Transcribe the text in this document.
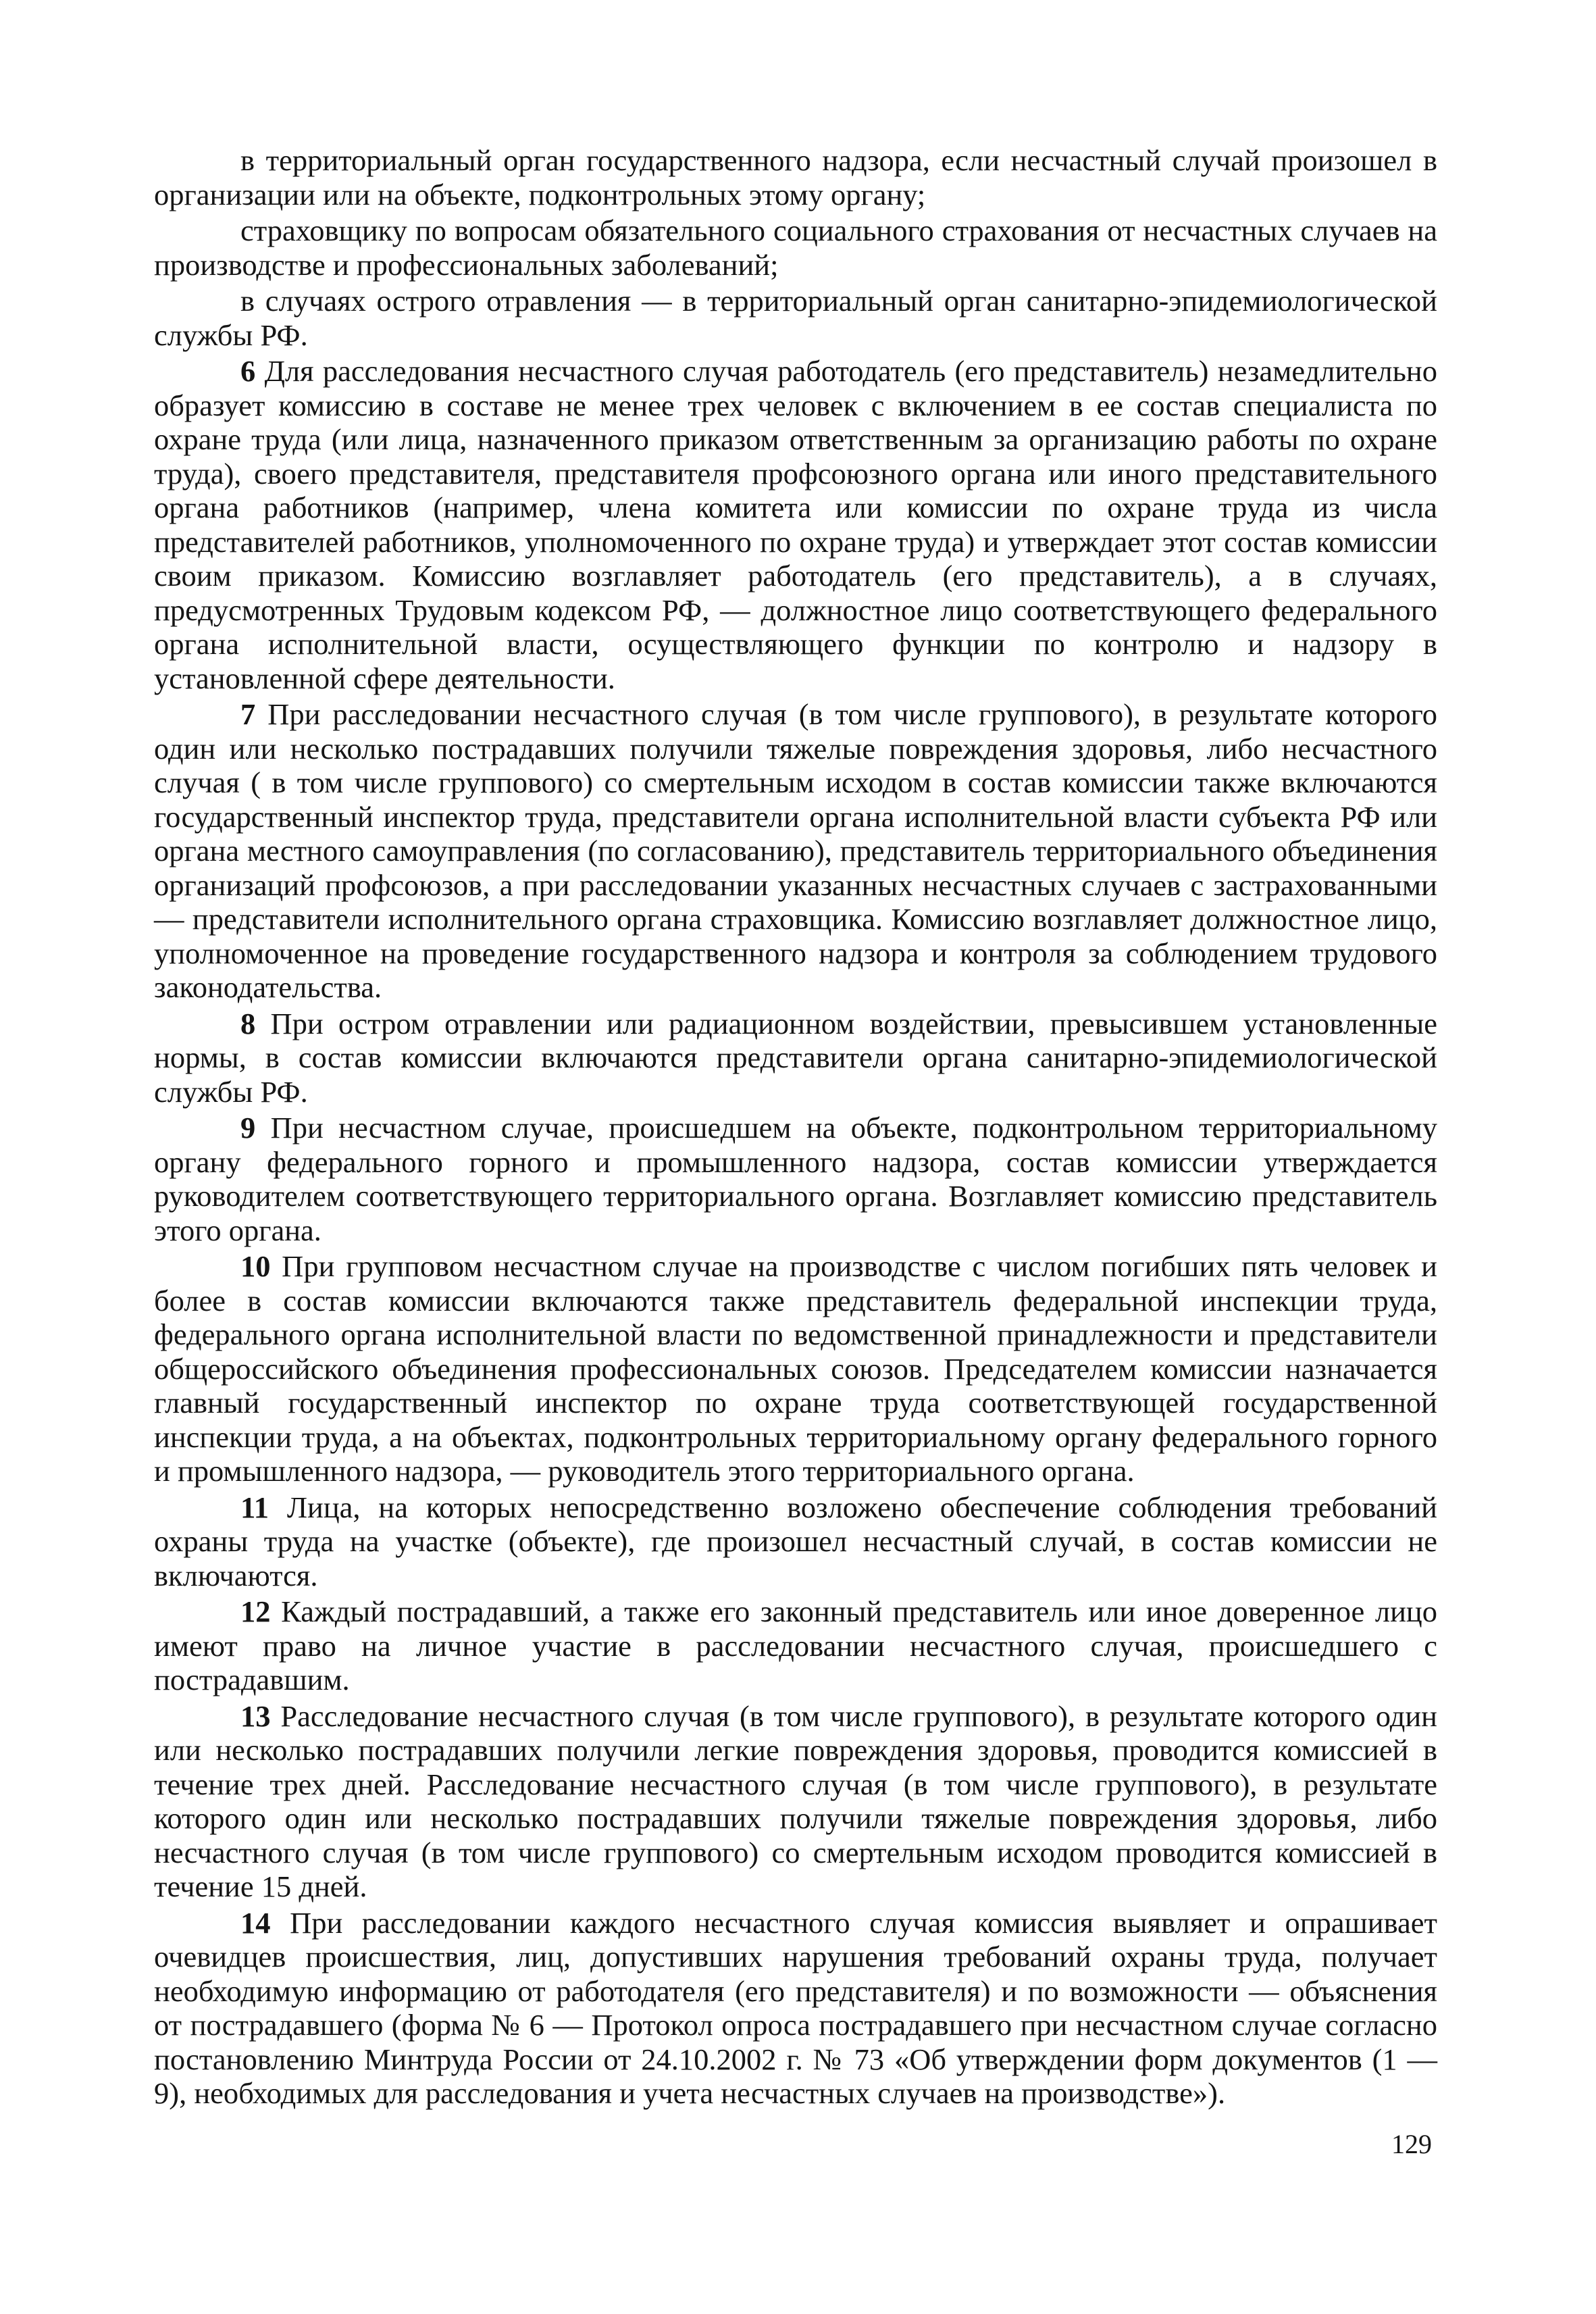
в территориальный орган государственного надзора, если несчастный случай произошел в организации или на объекте, подконтрольных этому органу;

страховщику по вопросам обязательного социального страхования от несчастных случаев на производстве и профессиональных заболеваний;

в случаях острого отравления — в территориальный орган санитарно-эпидемиологической службы РФ.

6 Для расследования несчастного случая работодатель (его представитель) незамедлительно образует комиссию в составе не менее трех человек с включением в ее состав специалиста по охране труда (или лица, назначенного приказом ответственным за организацию работы по охране труда), своего представителя, представителя профсоюзного органа или иного представительного органа работников (например, члена комитета или комиссии по охране труда из числа представителей работников, уполномоченного по охране труда) и утверждает этот состав комиссии своим приказом. Комиссию возглавляет работодатель (его представитель), а в случаях, предусмотренных Трудовым кодексом РФ, — должностное лицо соответствующего федерального органа исполнительной власти, осуществляющего функции по контролю и надзору в установленной сфере деятельности.

7 При расследовании несчастного случая (в том числе группового), в результате которого один или несколько пострадавших получили тяжелые повреждения здоровья, либо несчастного случая ( в том числе группового) со смертельным исходом в состав комиссии также включаются государственный инспектор труда, представители органа исполнительной власти субъекта РФ или органа местного самоуправления (по согласованию), представитель территориального объединения организаций профсоюзов, а при расследовании указанных несчастных случаев с застрахованными — представители исполнительного органа страховщика. Комиссию возглавляет должностное лицо, уполномоченное на проведение государственного надзора и контроля за соблюдением трудового законодательства.

8 При остром отравлении или радиационном воздействии, превысившем установленные нормы, в состав комиссии включаются представители органа санитарно-эпидемиологической службы РФ.

9 При несчастном случае, происшедшем на объекте, подконтрольном территориальному органу федерального горного и промышленного надзора, состав комиссии утверждается руководителем соответствующего территориального органа. Возглавляет комиссию представитель этого органа.

10 При групповом несчастном случае на производстве с числом погибших пять человек и более в состав комиссии включаются также представитель федеральной инспекции труда, федерального органа исполнительной власти по ведомственной принадлежности и представители общероссийского объединения профессиональных союзов. Председателем комиссии назначается главный государственный инспектор по охране труда соответствующей государственной инспекции труда, а на объектах, подконтрольных территориальному органу федерального горного и промышленного надзора, — руководитель этого территориального органа.

11 Лица, на которых непосредственно возложено обеспечение соблюдения требований охраны труда на участке (объекте), где произошел несчастный случай, в состав комиссии не включаются.

12 Каждый пострадавший, а также его законный представитель или иное доверенное лицо имеют право на личное участие в расследовании несчастного случая, происшедшего с пострадавшим.

13 Расследование несчастного случая (в том числе группового), в результате которого один или несколько пострадавших получили легкие повреждения здоровья, проводится комиссией в течение трех дней. Расследование несчастного случая (в том числе группового), в результате которого один или несколько пострадавших получили тяжелые повреждения здоровья, либо несчастного случая (в том числе группового) со смертельным исходом проводится комиссией в течение 15 дней.

14 При расследовании каждого несчастного случая комиссия выявляет и опрашивает очевидцев происшествия, лиц, допустивших нарушения требований охраны труда, получает необходимую информацию от работодателя (его представителя) и по возможности — объяснения от пострадавшего (форма № 6 — Протокол опроса пострадавшего при несчастном случае согласно постановлению Минтруда России от 24.10.2002 г. № 73 «Об утверждении форм документов (1 — 9), необходимых для расследования и учета несчастных случаев на производстве»).

129
